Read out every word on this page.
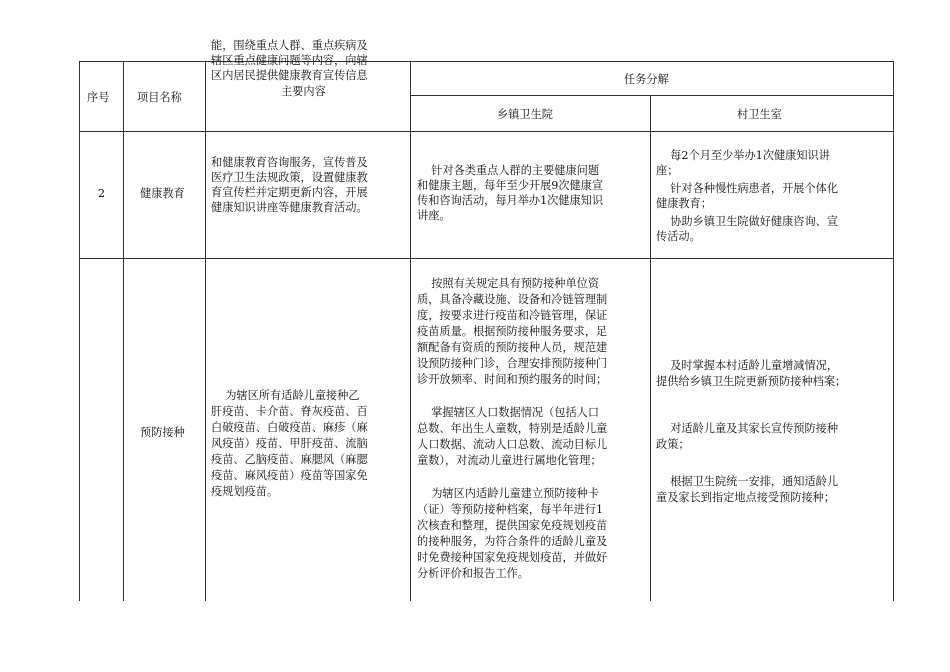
能，围绕重点人群、重点疾病及
辖区重点健康问题等内容，向辖
区内居民提供健康教育宣传信息
主要内容
序号 项目名称
任务分解
乡镇卫生院	村卫生室
2	健康教育
和健康教育咨询服务，宣传普及
医疗卫生法规政策，设置健康教
育宣传栏并定期更新内容，开展
健康知识讲座等健康教育活动。
针对各类重点人群的主要健康问题
和健康主题，每年至少开展9次健康宣
传和咨询活动，每月举办1次健康知识
讲座。
每2个月至少举办1次健康知识讲
座；
针对各种慢性病患者，开展个体化
健康教育；
协助乡镇卫生院做好健康咨询、宣
传活动。
预防接种
为辖区所有适龄儿童接种乙
肝疫苗、卡介苗、脊灰疫苗、百
白破疫苗、白破疫苗、麻疹（麻
风疫苗）疫苗、甲肝疫苗、流脑
疫苗、乙脑疫苗、麻腮风（麻腮
疫苗、麻风疫苗）疫苗等国家免
疫规划疫苗。
按照有关规定具有预防接种单位资
质，具备冷藏设施、设备和冷链管理制
度，按要求进行疫苗和冷链管理，保证
疫苗质量。根据预防接种服务要求，足
额配备有资质的预防接种人员，规范建
设预防接种门诊，合理安排预防接种门
诊开放频率、时间和预约服务的时间；
掌握辖区人口数据情况（包括人口
总数、年出生人童数，特别是适龄儿童
人口数据、流动人口总数、流动目标儿
童数），对流动儿童进行属地化管理；
为辖区内适龄儿童建立预防接种卡
（证）等预防接种档案，每半年进行1
次核查和整理，提供国家免疫规划疫苗
的接种服务，为符合条件的适龄儿童及
时免费接种国家免疫规划疫苗，并做好
分析评价和报告工作。
及时掌握本村适龄儿童增减情况，
提供给乡镇卫生院更新预防接种档案；
对适龄儿童及其家长宣传预防接种
政策；
根据卫生院统一安排，通知适龄儿
童及家长到指定地点接受预防接种；
